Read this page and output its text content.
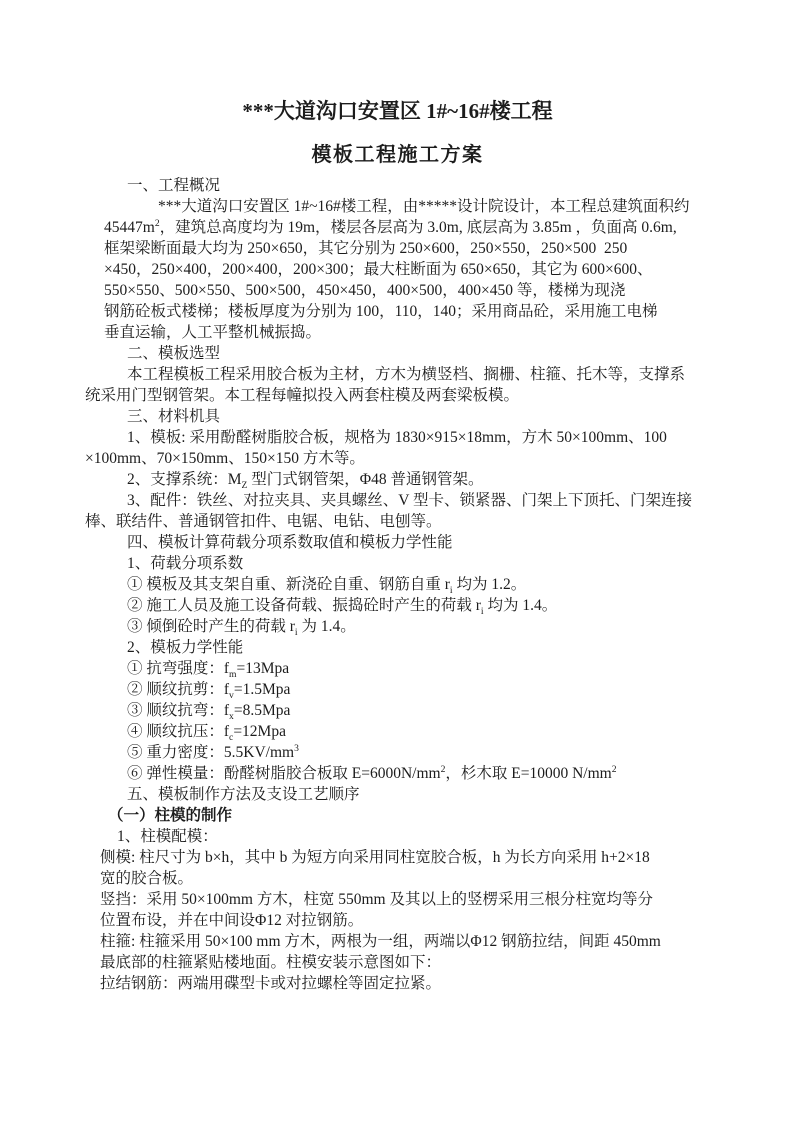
***大道沟口安置区 1#~16#楼工程
模板工程施工方案
一、工程概况
***大道沟口安置区 1#~16#楼工程，由*****设计院设计，本工程总建筑面积约
$45447m^2$，建筑总高度均为 19m，楼层各层高为 3.0m, 底层高为 3.85m ，负面高 0.6m,
框架梁断面最大均为 250×650，其它分别为 250×600，250×550，250×500  250
×450，250×400，200×400，200×300；最大柱断面为 650×650，其它为 600×600、
550×550、500×550、500×500，450×450，400×500，400×450 等，楼梯为现浇
钢筋砼板式楼梯；楼板厚度为分别为 100，110，140；采用商品砼，采用施工电梯
垂直运输，人工平整机械振捣。
二、模板选型
本工程模板工程采用胶合板为主材，方木为横竖档、搁栅、柱箍、托木等，支撑系
统采用门型钢管架。本工程每幢拟投入两套柱模及两套梁板模。
三、材料机具
1、模板: 采用酚醛树脂胶合板，规格为 1830×915×18mm，方木 50×100mm、100
×100mm、70×150mm、150×150 方木等。
2、支撑系统：$M_Z$ 型门式钢管架，Φ48 普通钢管架。
3、配件：铁丝、对拉夹具、夹具螺丝、V 型卡、锁紧器、门架上下顶托、门架连接
棒、联结件、普通钢管扣件、电锯、电钻、电刨等。
四、模板计算荷载分项系数取值和模板力学性能
1、荷载分项系数
① 模板及其支架自重、新浇砼自重、钢筋自重 $r_i$ 均为 1.2。
② 施工人员及施工设备荷载、振捣砼时产生的荷载 $r_i$ 均为 1.4。
③ 倾倒砼时产生的荷载 $r_i$ 为 1.4。
2、模板力学性能
① 抗弯强度：$f_m=13Mpa$
② 顺纹抗剪：$f_v=1.5Mpa$
③ 顺纹抗弯：$f_x=8.5Mpa$
④ 顺纹抗压：$f_c=12Mpa$
⑤ 重力密度：$5.5KV/mm^3$
⑥ 弹性模量：酚醛树脂胶合板取 $E=6000N/mm^2$，杉木取 E=10000 $N/mm^2$
五、模板制作方法及支设工艺顺序
（一）柱模的制作
1、柱模配模：
侧模: 柱尺寸为 b×h，其中 b 为短方向采用同柱宽胶合板，h 为长方向采用 h+2×18
宽的胶合板。
竖挡：采用 50×100mm 方木，柱宽 550mm 及其以上的竖楞采用三根分柱宽均等分
位置布设，并在中间设Φ12 对拉钢筋。
柱箍: 柱箍采用 50×100 mm 方木，两根为一组，两端以Φ12 钢筋拉结，间距 450mm
最底部的柱箍紧贴楼地面。柱模安装示意图如下：
拉结钢筋：两端用碟型卡或对拉螺栓等固定拉紧。
